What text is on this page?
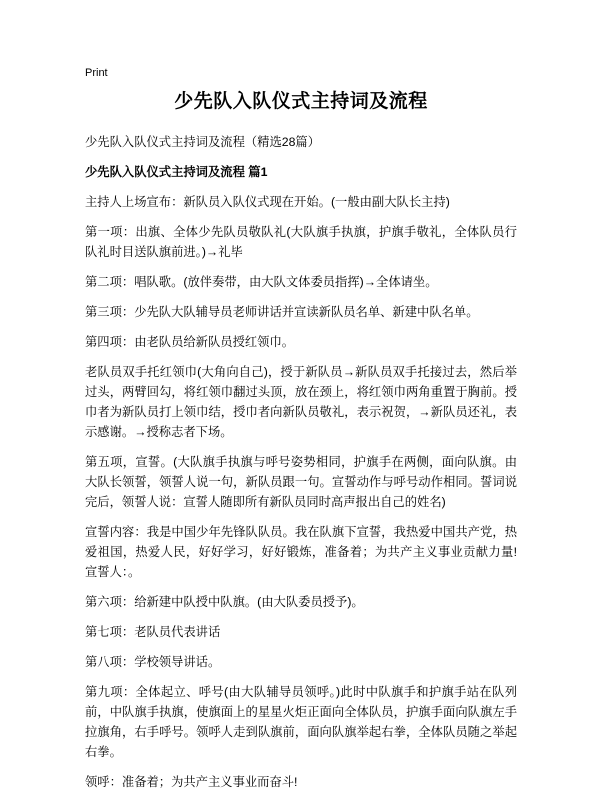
Print
少先队入队仪式主持词及流程

少先队入队仪式主持词及流程（精选28篇）

少先队入队仪式主持词及流程 篇1

主持人上场宣布：新队员入队仪式现在开始。(一般由副大队长主持)

第一项：出旗、全体少先队员敬队礼(大队旗手执旗，护旗手敬礼，全体队员行队礼时目送队旗前进。)→礼毕

第二项：唱队歌。(放伴奏带，由大队文体委员指挥)→全体请坐。

第三项：少先队大队辅导员老师讲话并宣读新队员名单、新建中队名单。

第四项：由老队员给新队员授红领巾。

老队员双手托红领巾(大角向自己)，授于新队员→新队员双手托接过去，然后举过头，两臂回勾，将红领巾翻过头顶，放在颈上，将红领巾两角重置于胸前。授巾者为新队员打上领巾结，授巾者向新队员敬礼，表示祝贺，→新队员还礼，表示感谢。→授称志者下场。

第五项，宣誓。(大队旗手执旗与呼号姿势相同，护旗手在两侧，面向队旗。由大队长领誓，领誓人说一句，新队员跟一句。宣誓动作与呼号动作相同。誓词说完后，领誓人说：宣誓人随即所有新队员同时高声报出自己的姓名)

宣誓内容：我是中国少年先锋队队员。我在队旗下宣誓，我热爱中国共产党，热爱祖国，热爱人民，好好学习，好好锻炼，准备着；为共产主义事业贡献力量!宣誓人：。

第六项：给新建中队授中队旗。(由大队委员授予)。

第七项：老队员代表讲话

第八项：学校领导讲话。

第九项：全体起立、呼号(由大队辅导员领呼。)此时中队旗手和护旗手站在队列前，中队旗手执旗，使旗面上的星星火炬正面向全体队员，护旗手面向队旗左手拉旗角，右手呼号。领呼人走到队旗前，面向队旗举起右拳，全体队员随之举起右拳。

领呼：准备着；为共产主义事业而奋斗!
